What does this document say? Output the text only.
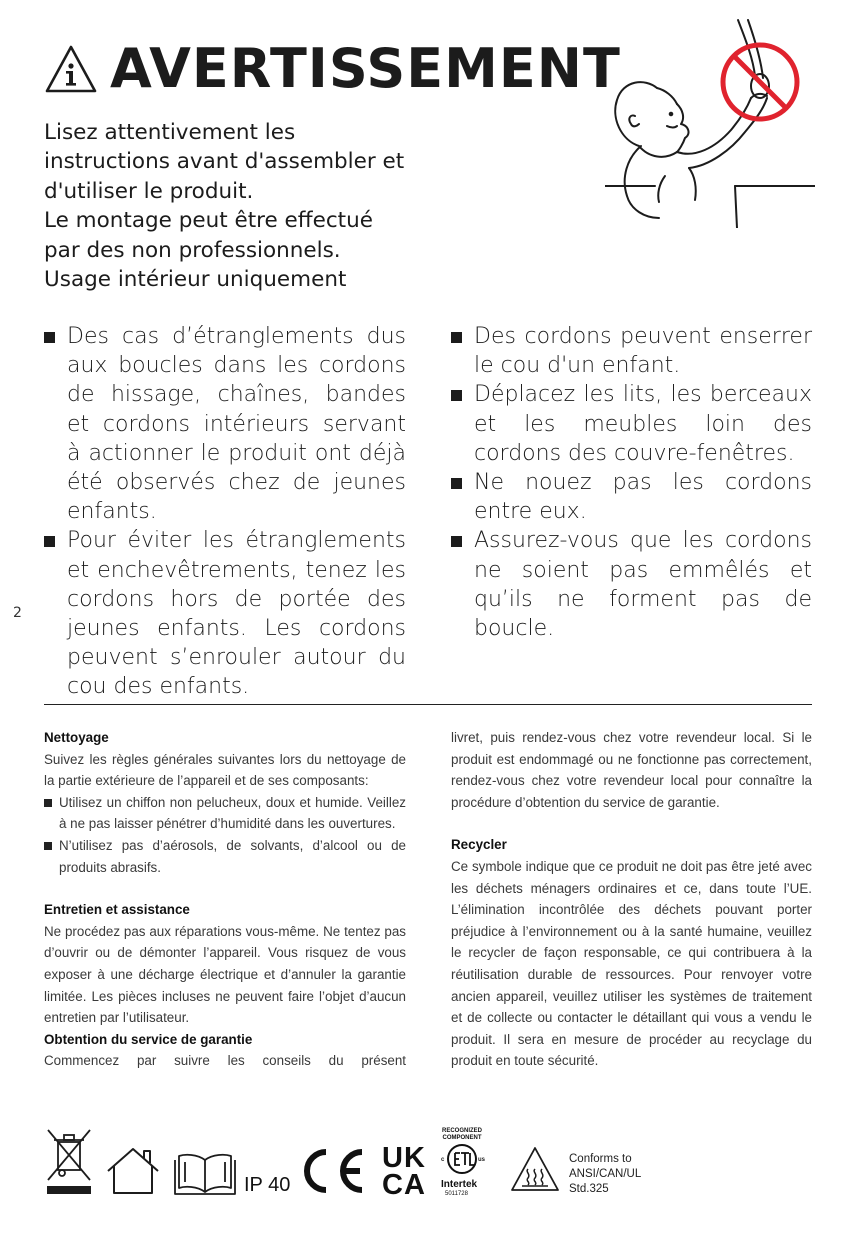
AVERTISSEMENT
Lisez attentivement les
instructions avant d'assembler et
d'utiliser le produit.
Le montage peut être effectué
par des non professionnels.
Usage intérieur uniquement
Des cas d’étranglements dus aux boucles dans les cordons de hissage, chaînes, bandes et cordons intérieurs servant à actionner le produit ont déjà été observés chez de jeunes enfants.
Pour éviter les étranglements et enchevêtrements, tenez les cordons hors de portée des jeunes enfants. Les cordons peuvent s’enrouler autour du cou des enfants.
Des cordons peuvent enserrer le cou d'un enfant.
Déplacez les lits, les berceaux et les meubles loin des cordons des couvre-fenêtres.
Ne nouez pas les cordons entre eux.
Assurez-vous que les cordons ne soient pas emmêlés et qu’ils ne forment pas de boucle.
2
Nettoyage

Suivez les règles générales suivantes lors du nettoyage de la partie extérieure de l’appareil et de ses composants:

Utilisez un chiffon non pelucheux, doux et humide. Veillez à ne pas laisser pénétrer d’humidité dans les ouvertures.
N’utilisez pas d’aérosols, de solvants, d’alcool ou de produits abrasifs.
Entretien et assistance

Ne procédez pas aux réparations vous-même. Ne tentez pas d’ouvrir ou de démonter l’appareil. Vous risquez de vous exposer à une décharge électrique et d’annuler la garantie limitée. Les pièces incluses ne peuvent faire l’objet d’aucun entretien par l’utilisateur.

Obtention du service de garantie

Commencez par suivre les conseils du présent

livret, puis rendez-vous chez votre revendeur local. Si le produit est endommagé ou ne fonctionne pas correctement, rendez-vous chez votre revendeur local pour connaître la procédure d’obtention du service de garantie.

Recycler

Ce symbole indique que ce produit ne doit pas être jeté avec les déchets ménagers ordinaires et ce, dans toute l’UE. L’élimination incontrôlée des déchets pouvant porter préjudice à l’environnement ou à la santé humaine, veuillez le recycler de façon responsable, ce qui contribuera à la réutilisation durable de ressources. Pour renvoyer votre ancien appareil, veuillez utiliser les systèmes de traitement et de collecte ou contacter le détaillant qui vous a vendu le produit. Il sera en mesure de procéder au recyclage du produit en toute sécurité.

IP 40
UK
CA
RECOGNIZED COMPONENT
c	us
Intertek
5011728
Conforms to
ANSI/CAN/UL
Std.325
